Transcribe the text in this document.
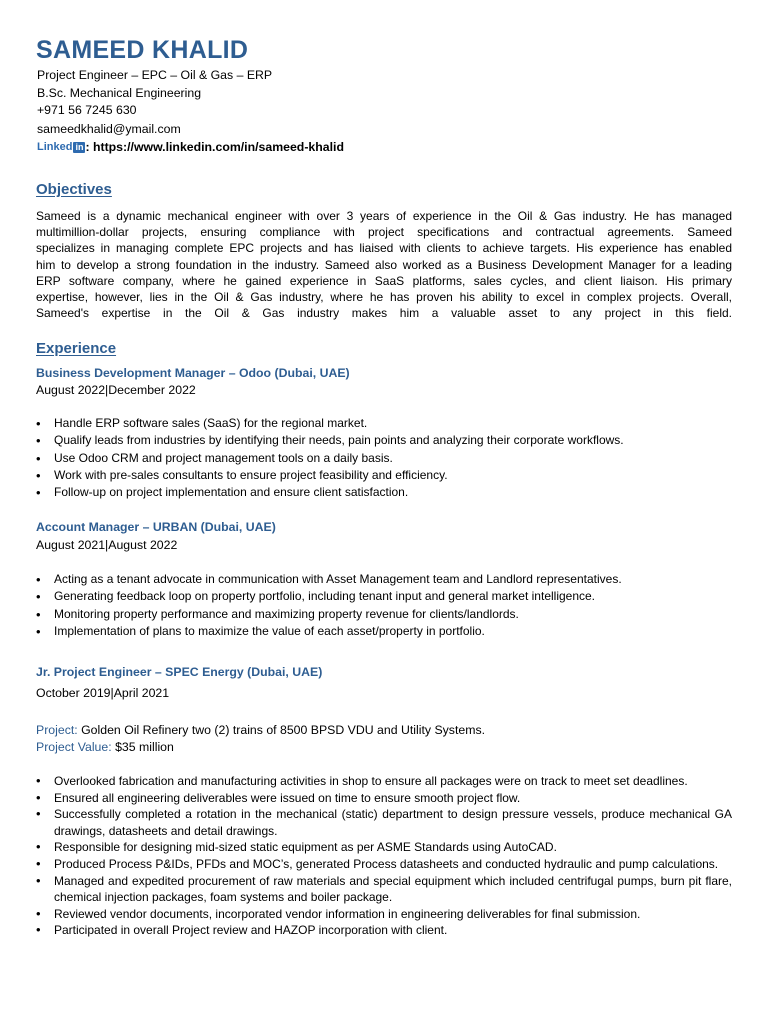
SAMEED KHALID
Project Engineer – EPC – Oil & Gas – ERP
B.Sc. Mechanical Engineering
+971 56 7245 630
sameedkhalid@ymail.com
Linked in : https://www.linkedin.com/in/sameed-khalid
Objectives
Sameed is a dynamic mechanical engineer with over 3 years of experience in the Oil & Gas industry. He has managed
multimillion-dollar projects, ensuring compliance with project specifications and contractual agreements. Sameed
specializes in managing complete EPC projects and has liaised with clients to achieve targets. His experience has enabled
him to develop a strong foundation in the industry. Sameed also worked as a Business Development Manager for a leading
ERP software company, where he gained experience in SaaS platforms, sales cycles, and client liaison. His primary
expertise, however, lies in the Oil & Gas industry, where he has proven his ability to excel in complex projects. Overall,
Sameed's expertise in the Oil & Gas industry makes him a valuable asset to any project in this field.
Experience
Business Development Manager – Odoo (Dubai, UAE)
August 2022|December 2022
• Handle ERP software sales (SaaS) for the regional market.
• Qualify leads from industries by identifying their needs, pain points and analyzing their corporate workflows.
• Use Odoo CRM and project management tools on a daily basis.
• Work with pre-sales consultants to ensure project feasibility and efficiency.
• Follow-up on project implementation and ensure client satisfaction.
Account Manager – URBAN (Dubai, UAE)
August 2021|August 2022
• Acting as a tenant advocate in communication with Asset Management team and Landlord representatives.
• Generating feedback loop on property portfolio, including tenant input and general market intelligence.
• Monitoring property performance and maximizing property revenue for clients/landlords.
• Implementation of plans to maximize the value of each asset/property in portfolio.
Jr. Project Engineer – SPEC Energy (Dubai, UAE)
October 2019|April 2021
Project: Golden Oil Refinery two (2) trains of 8500 BPSD VDU and Utility Systems.
Project Value: $35 million
• Overlooked fabrication and manufacturing activities in shop to ensure all packages were on track to meet set deadlines.
• Ensured all engineering deliverables were issued on time to ensure smooth project flow.
• Successfully completed a rotation in the mechanical (static) department to design pressure vessels, produce mechanical GA drawings, datasheets and detail drawings.
• Responsible for designing mid-sized static equipment as per ASME Standards using AutoCAD.
• Produced Process P&IDs, PFDs and MOC’s, generated Process datasheets and conducted hydraulic and pump calculations.
• Managed and expedited procurement of raw materials and special equipment which included centrifugal pumps, burn pit flare, chemical injection packages, foam systems and boiler package.
• Reviewed vendor documents, incorporated vendor information in engineering deliverables for final submission.
• Participated in overall Project review and HAZOP incorporation with client.
